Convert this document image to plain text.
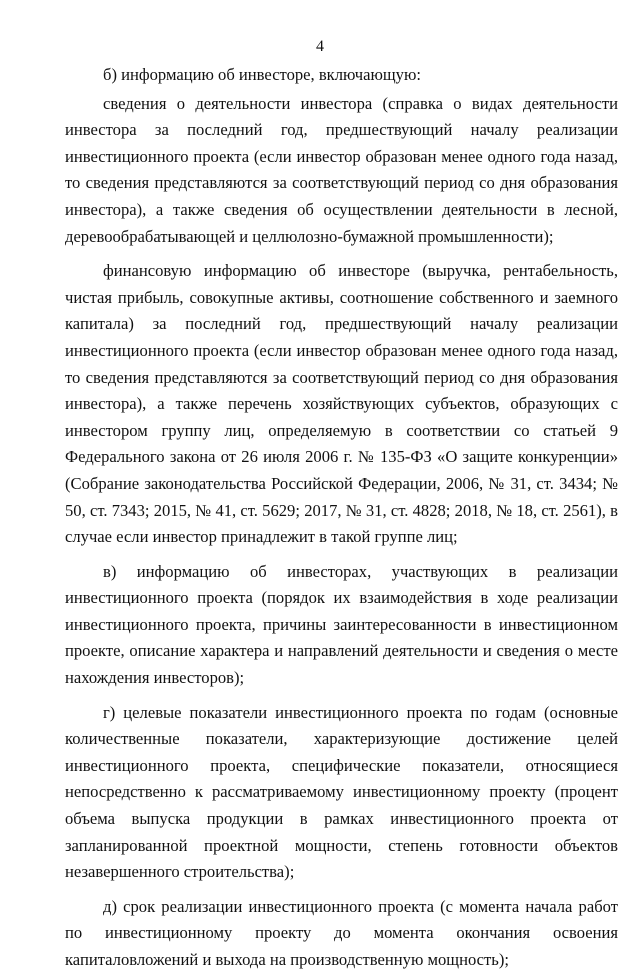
4

б) информацию об инвесторе, включающую:

сведения о деятельности инвестора (справка о видах деятельности инвестора за последний год, предшествующий началу реализации инвестиционного проекта (если инвестор образован менее одного года назад, то сведения представляются за соответствующий период со дня образования инвестора), а также сведения об осуществлении деятельности в лесной, деревообрабатывающей и целлюлозно-бумажной промышленности);

финансовую информацию об инвесторе (выручка, рентабельность, чистая прибыль, совокупные активы, соотношение собственного и заемного капитала) за последний год, предшествующий началу реализации инвестиционного проекта (если инвестор образован менее одного года назад, то сведения представляются за соответствующий период со дня образования инвестора), а также перечень хозяйствующих субъектов, образующих с инвестором группу лиц, определяемую в соответствии со статьей 9 Федерального закона от 26 июля 2006 г. № 135-ФЗ «О защите конкуренции» (Собрание законодательства Российской Федерации, 2006, № 31, ст. 3434; № 50, ст. 7343; 2015, № 41, ст. 5629; 2017, № 31, ст. 4828; 2018, № 18, ст. 2561), в случае если инвестор принадлежит в такой группе лиц;

в) информацию об инвесторах, участвующих в реализации инвестиционного проекта (порядок их взаимодействия в ходе реализации инвестиционного проекта, причины заинтересованности в инвестиционном проекте, описание характера и направлений деятельности и сведения о месте нахождения инвесторов);

г) целевые показатели инвестиционного проекта по годам (основные количественные показатели, характеризующие достижение целей инвестиционного проекта, специфические показатели, относящиеся непосредственно к рассматриваемому инвестиционному проекту (процент объема выпуска продукции в рамках инвестиционного проекта от запланированной проектной мощности, степень готовности объектов незавершенного строительства);

д) срок реализации инвестиционного проекта (с момента начала работ по инвестиционному проекту до момента окончания освоения капиталовложений и выхода на производственную мощность);
